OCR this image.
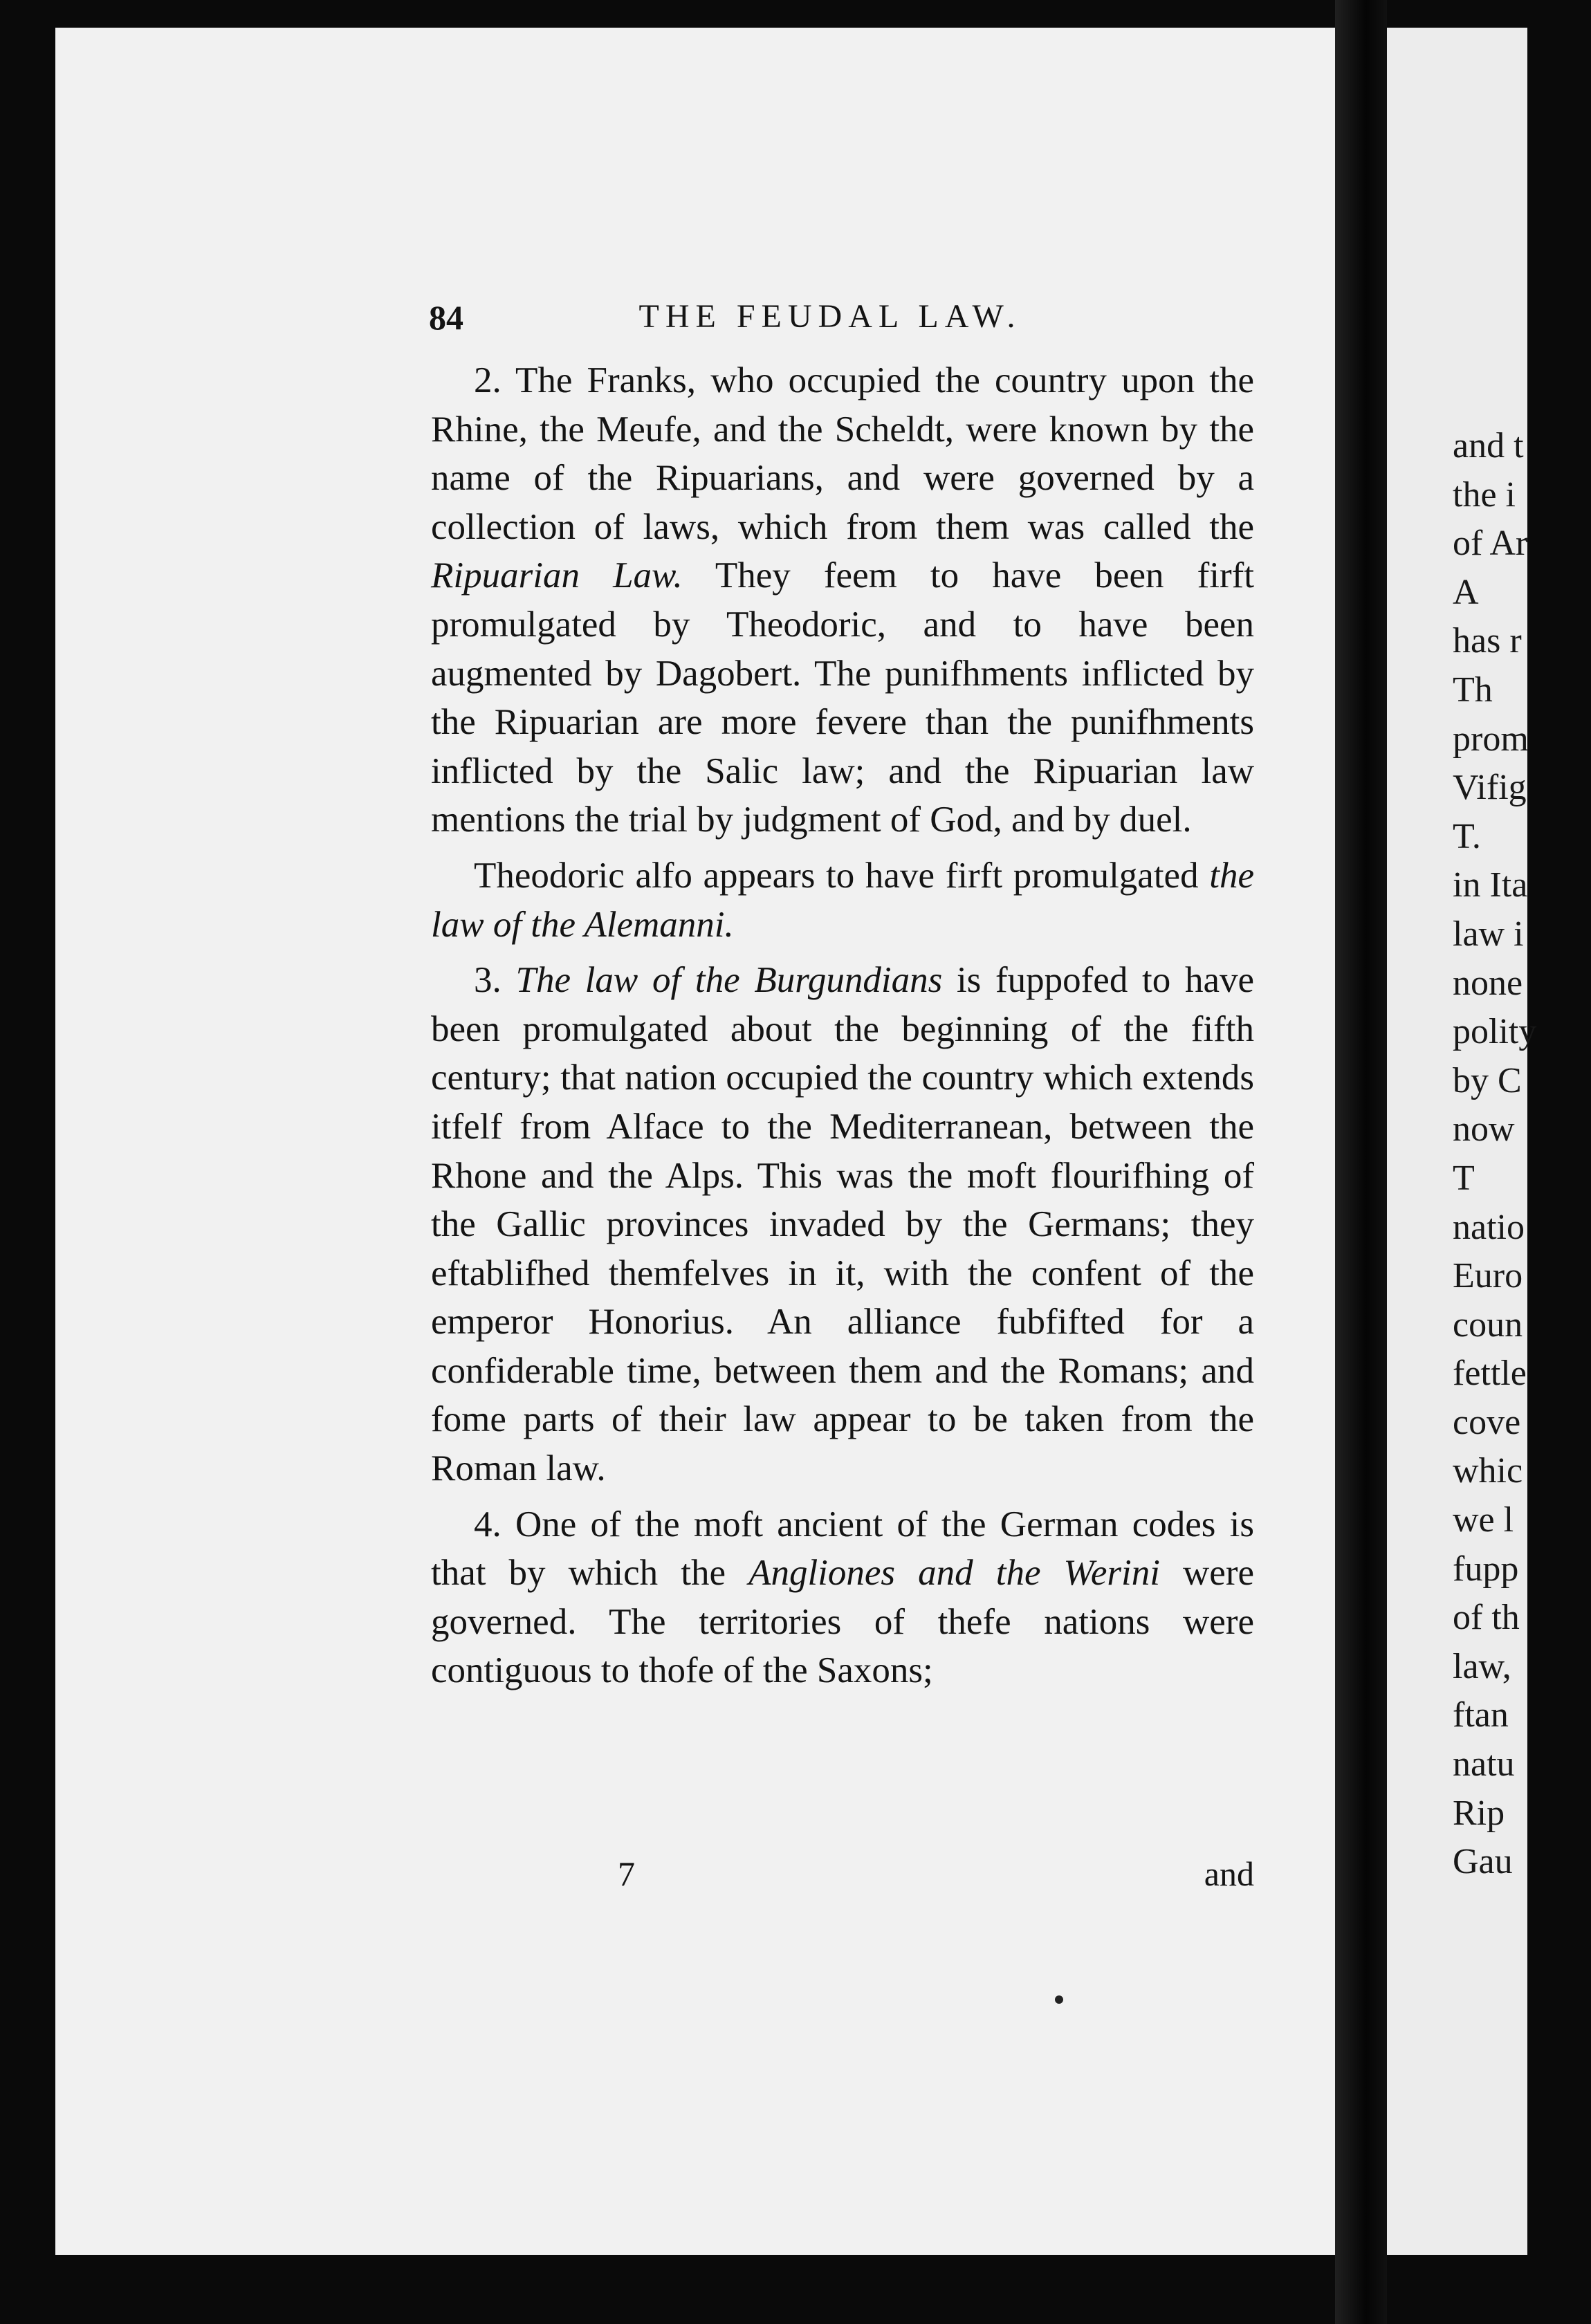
and t
the i
of Ar
A
has r
Th
prom
Vifig
T.
in Ita
law i
none
polity
by C
now
T
natio
Euro
coun
fettle
cove
whic
we l
fupp
of th
law,
ftan
natu
Rip
Gau
84	THE FEUDAL LAW.

2. The Franks, who occupied the country upon the Rhine, the Meufe, and the Scheldt, were known by the name of the Ripuarians, and were governed by a collection of laws, which from them was called the Ripuarian Law. They feem to have been firft promulgated by Theodoric, and to have been augmented by Dagobert. The punifhments inflicted by the Ripuarian are more fevere than the punifhments inflicted by the Salic law; and the Ripuarian law mentions the trial by judgment of God, and by duel.

Theodoric alfo appears to have firft promulgated the law of the Alemanni.

3. The law of the Burgundians is fuppofed to have been promulgated about the beginning of the fifth century; that nation occupied the country which extends itfelf from Alface to the Mediterranean, between the Rhone and the Alps. This was the moft flourifhing of the Gallic provinces invaded by the Germans; they eftablifhed themfelves in it, with the confent of the emperor Honorius. An alliance fubfifted for a confiderable time, between them and the Romans; and fome parts of their law appear to be taken from the Roman law.

4. One of the moft ancient of the German codes is that by which the Angliones and the Werini were governed. The territories of thefe nations were contiguous to thofe of the Saxons;

7	and
